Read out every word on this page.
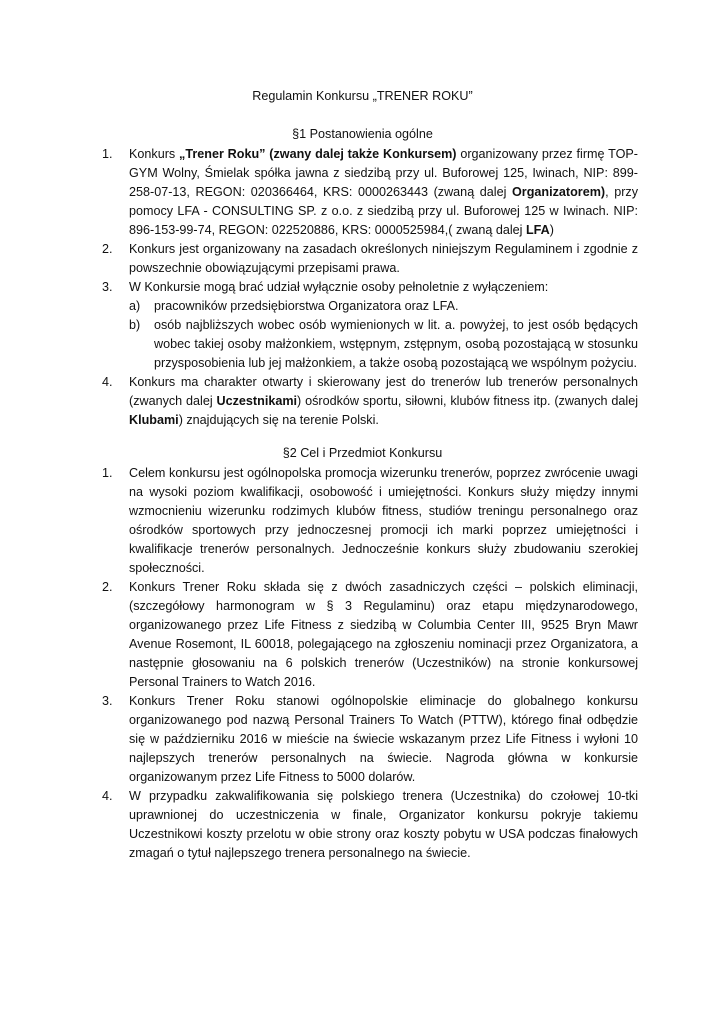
Regulamin Konkursu „TRENER ROKU”
§1 Postanowienia ogólne
1. Konkurs „Trener Roku” (zwany dalej także Konkursem) organizowany przez firmę TOP-GYM Wolny, Śmielak spółka jawna z siedzibą przy ul. Buforowej 125, Iwinach, NIP: 899-258-07-13, REGON: 020366464, KRS: 0000263443 (zwaną dalej Organizatorem), przy pomocy LFA - CONSULTING SP. z o.o. z siedzibą przy ul. Buforowej 125 w Iwinach. NIP: 896-153-99-74, REGON: 022520886, KRS: 0000525984,( zwaną dalej LFA)
2. Konkurs jest organizowany na zasadach określonych niniejszym Regulaminem i zgodnie z powszechnie obowiązującymi przepisami prawa.
3. W Konkursie mogą brać udział wyłącznie osoby pełnoletnie z wyłączeniem:
a) pracowników przedsiębiorstwa Organizatora oraz LFA.
b) osób najbliższych wobec osób wymienionych w lit. a. powyżej, to jest osób będących wobec takiej osoby małżonkiem, wstępnym, zstępnym, osobą pozostającą w stosunku przysposobienia lub jej małżonkiem, a także osobą pozostającą we wspólnym pożyciu.
4. Konkurs ma charakter otwarty i skierowany jest do trenerów lub trenerów personalnych (zwanych dalej Uczestnikami) ośrodków sportu, siłowni, klubów fitness itp. (zwanych dalej Klubami) znajdujących się na terenie Polski.
§2 Cel i Przedmiot Konkursu
1. Celem konkursu jest ogólnopolska promocja wizerunku trenerów, poprzez zwrócenie uwagi na wysoki poziom kwalifikacji, osobowość i umiejętności. Konkurs służy między innymi wzmocnieniu wizerunku rodzimych klubów fitness, studiów treningu personalnego oraz ośrodków sportowych przy jednoczesnej promocji ich marki poprzez umiejętności i kwalifikacje trenerów personalnych. Jednocześnie konkurs służy zbudowaniu szerokiej społeczności.
2. Konkurs Trener Roku składa się z dwóch zasadniczych części – polskich eliminacji, (szczegółowy harmonogram w § 3 Regulaminu) oraz etapu międzynarodowego, organizowanego przez Life Fitness z siedzibą w Columbia Center III, 9525 Bryn Mawr Avenue Rosemont, IL 60018, polegającego na zgłoszeniu nominacji przez Organizatora, a następnie głosowaniu na 6 polskich trenerów (Uczestników) na stronie konkursowej Personal Trainers to Watch 2016.
3. Konkurs Trener Roku stanowi ogólnopolskie eliminacje do globalnego konkursu organizowanego pod nazwą Personal Trainers To Watch (PTTW), którego finał odbędzie się w październiku 2016 w mieście na świecie wskazanym przez Life Fitness i wyłoni 10 najlepszych trenerów personalnych na świecie. Nagroda główna w konkursie organizowanym przez Life Fitness to 5000 dolarów.
4. W przypadku zakwalifikowania się polskiego trenera (Uczestnika) do czołowej 10-tki uprawnionej do uczestniczenia w finale, Organizator konkursu pokryje takiemu Uczestnikowi koszty przelotu w obie strony oraz koszty pobytu w USA podczas finałowych zmagań o tytuł najlepszego trenera personalnego na świecie.
